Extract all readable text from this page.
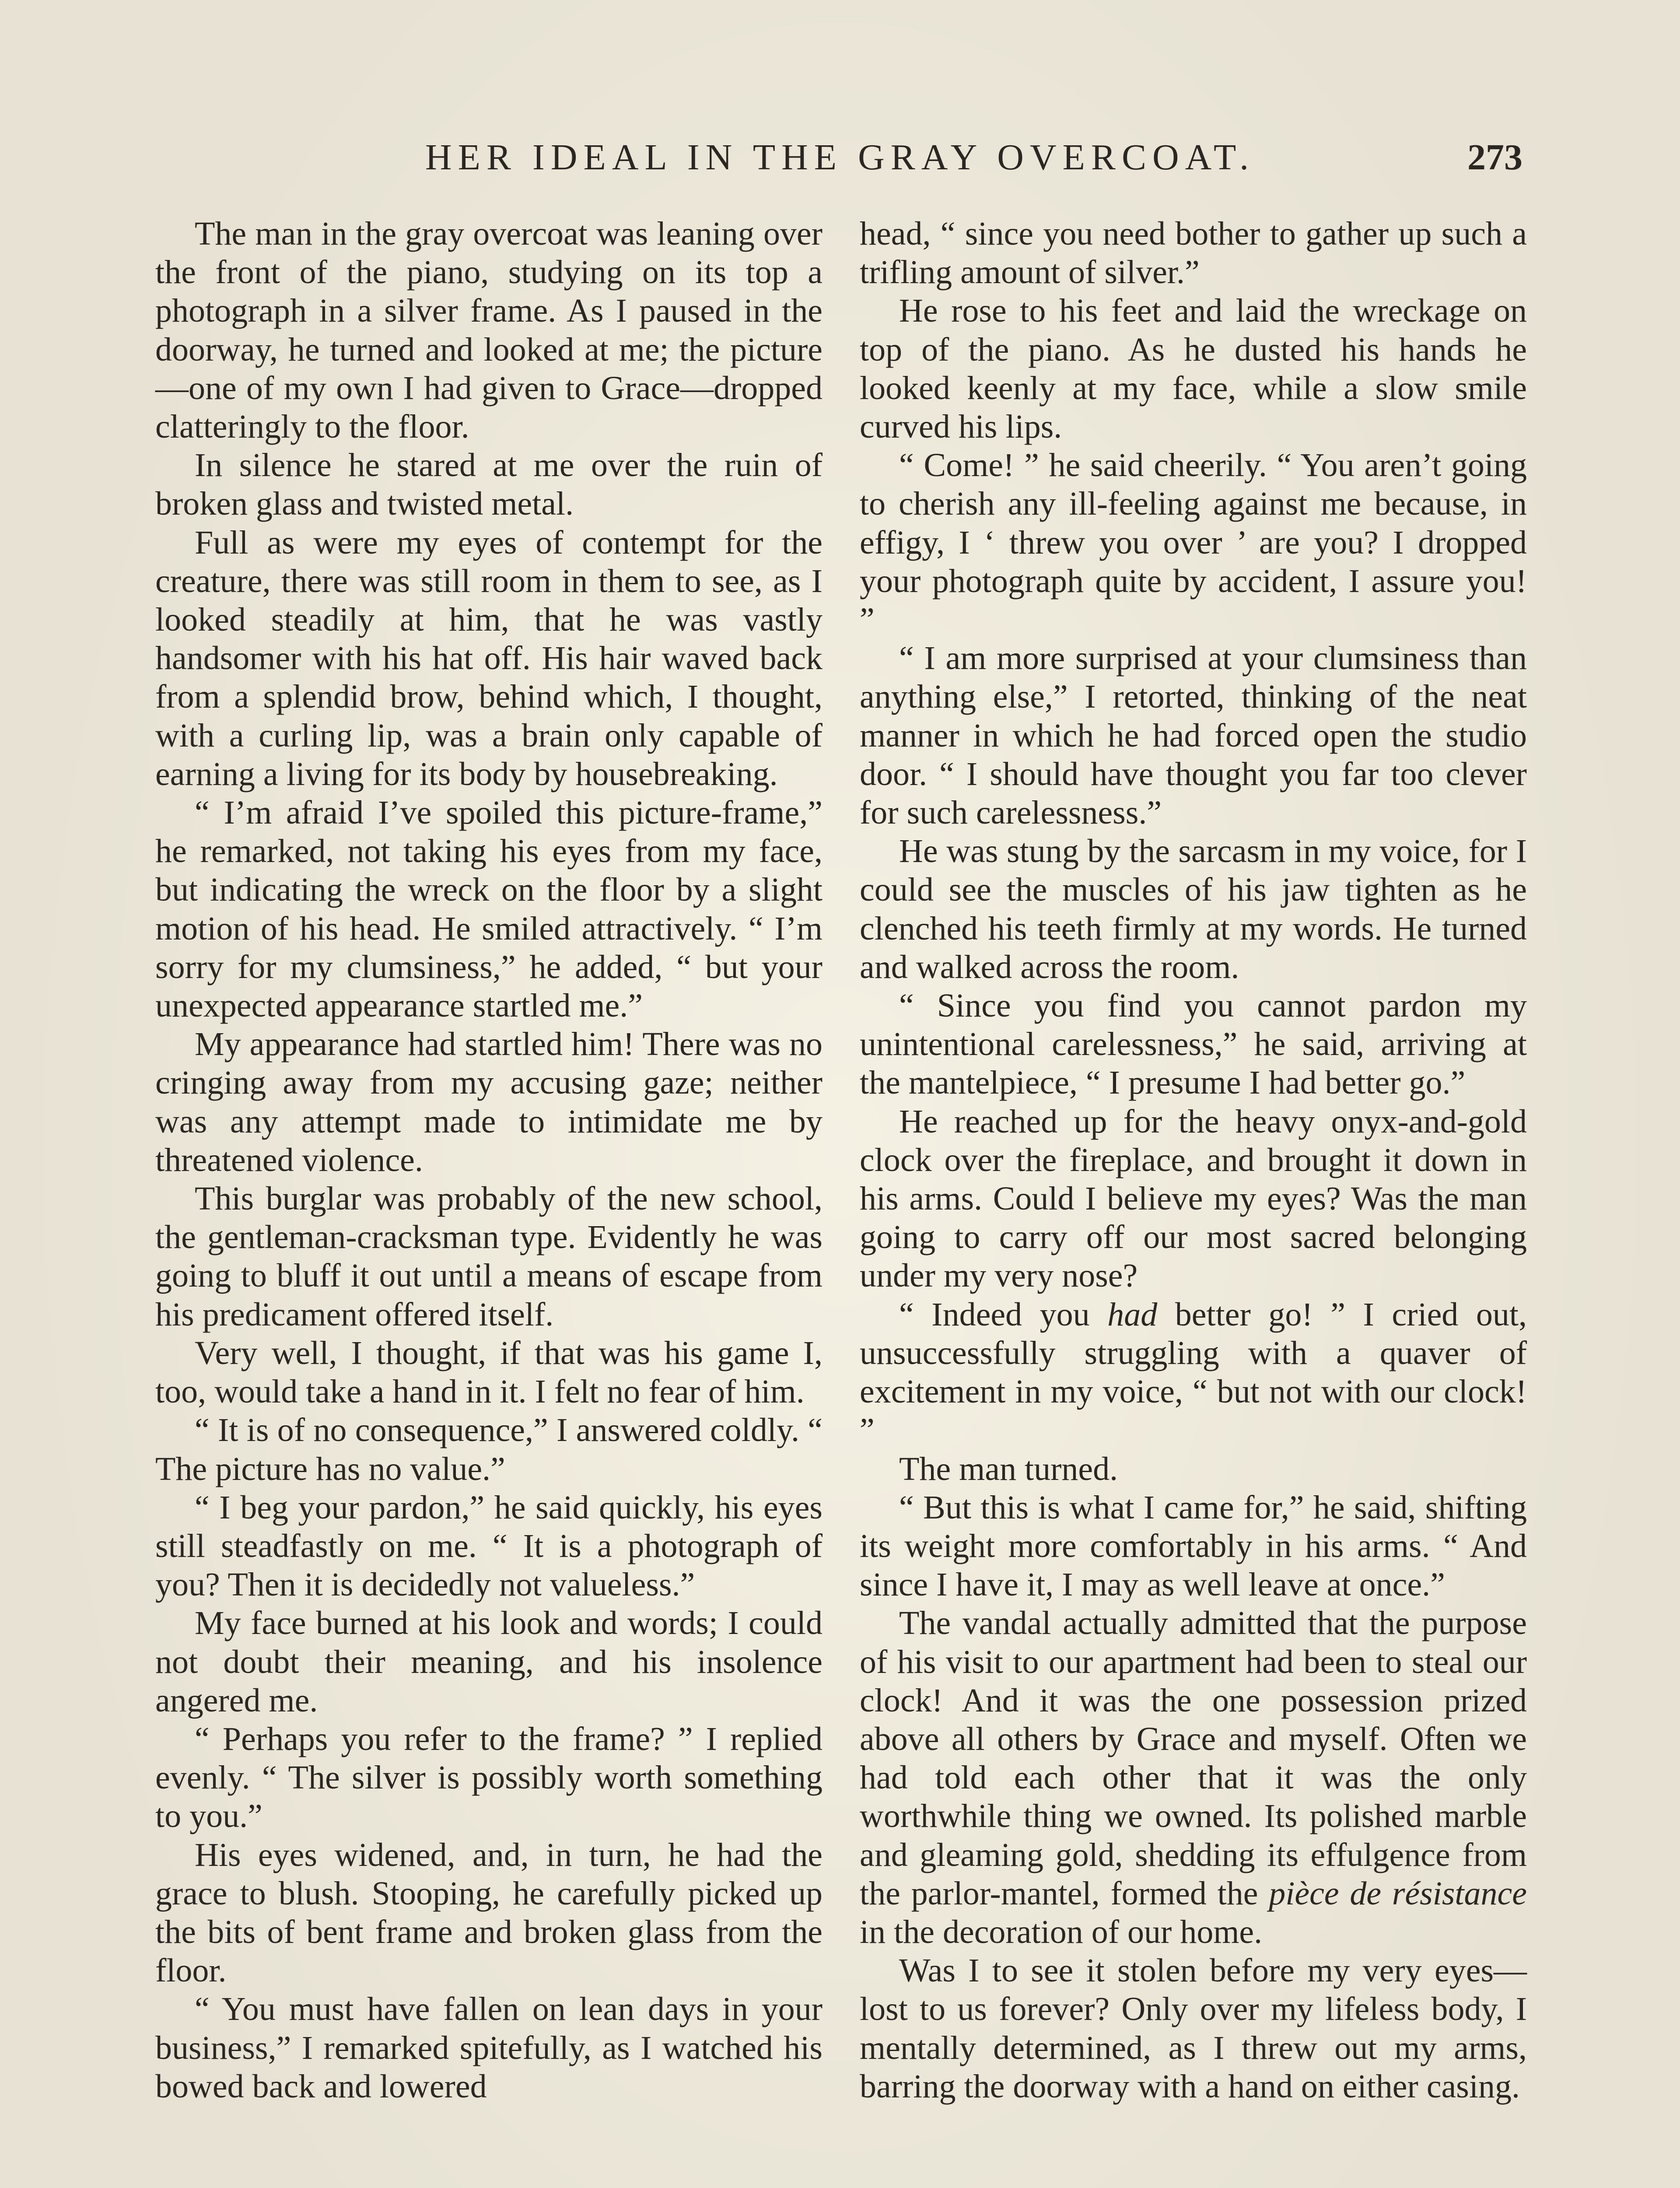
HER IDEAL IN THE GRAY OVERCOAT.	273

The man in the gray overcoat was leaning over the front of the piano, studying on its top a photograph in a silver frame. As I paused in the doorway, he turned and looked at me; the picture—one of my own I had given to Grace—dropped clatteringly to the floor.

In silence he stared at me over the ruin of broken glass and twisted metal.

Full as were my eyes of contempt for the creature, there was still room in them to see, as I looked steadily at him, that he was vastly handsomer with his hat off. His hair waved back from a splendid brow, behind which, I thought, with a curling lip, was a brain only capable of earning a living for its body by housebreaking.

“ I’m afraid I’ve spoiled this picture-frame,” he remarked, not taking his eyes from my face, but indicating the wreck on the floor by a slight motion of his head. He smiled attractively. “ I’m sorry for my clumsiness,” he added, “ but your unexpected appearance startled me.”

My appearance had startled him! There was no cringing away from my accusing gaze; neither was any attempt made to intimidate me by threatened violence.

This burglar was probably of the new school, the gentleman-cracksman type. Evidently he was going to bluff it out until a means of escape from his predicament offered itself.

Very well, I thought, if that was his game I, too, would take a hand in it. I felt no fear of him.

“ It is of no consequence,” I answered coldly. “ The picture has no value.”

“ I beg your pardon,” he said quickly, his eyes still steadfastly on me. “ It is a photograph of you? Then it is decidedly not valueless.”

My face burned at his look and words; I could not doubt their meaning, and his insolence angered me.

“ Perhaps you refer to the frame? ” I replied evenly. “ The silver is possibly worth something to you.”

His eyes widened, and, in turn, he had the grace to blush. Stooping, he carefully picked up the bits of bent frame and broken glass from the floor.

“ You must have fallen on lean days in your business,” I remarked spitefully, as I watched his bowed back and lowered

head, “ since you need bother to gather up such a trifling amount of silver.”

He rose to his feet and laid the wreckage on top of the piano. As he dusted his hands he looked keenly at my face, while a slow smile curved his lips.

“ Come! ” he said cheerily. “ You aren’t going to cherish any ill-feeling against me because, in effigy, I ‘ threw you over ’ are you? I dropped your photograph quite by accident, I assure you! ”

“ I am more surprised at your clumsiness than anything else,” I retorted, thinking of the neat manner in which he had forced open the studio door. “ I should have thought you far too clever for such carelessness.”

He was stung by the sarcasm in my voice, for I could see the muscles of his jaw tighten as he clenched his teeth firmly at my words. He turned and walked across the room.

“ Since you find you cannot pardon my unintentional carelessness,” he said, arriving at the mantelpiece, “ I presume I had better go.”

He reached up for the heavy onyx-and-gold clock over the fireplace, and brought it down in his arms. Could I believe my eyes? Was the man going to carry off our most sacred belonging under my very nose?

“ Indeed you had better go! ” I cried out, unsuccessfully struggling with a quaver of excitement in my voice, “ but not with our clock! ”

The man turned.

“ But this is what I came for,” he said, shifting its weight more comfortably in his arms. “ And since I have it, I may as well leave at once.”

The vandal actually admitted that the purpose of his visit to our apartment had been to steal our clock! And it was the one possession prized above all others by Grace and myself. Often we had told each other that it was the only worthwhile thing we owned. Its polished marble and gleaming gold, shedding its effulgence from the parlor-mantel, formed the pièce de résistance in the decoration of our home.

Was I to see it stolen before my very eyes—lost to us forever? Only over my lifeless body, I mentally determined, as I threw out my arms, barring the doorway with a hand on either casing.
